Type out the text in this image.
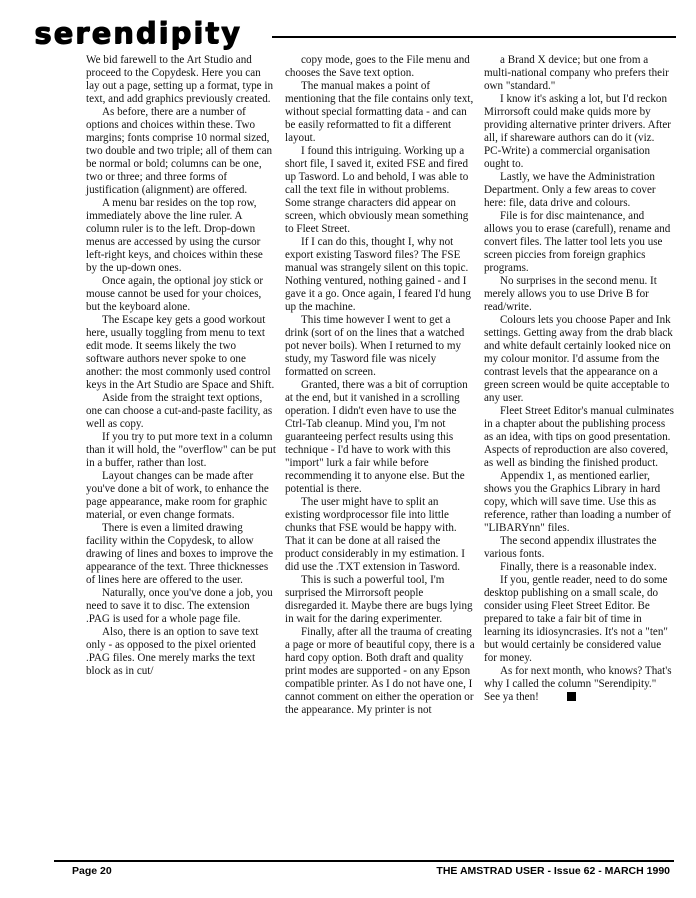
serendipity

We bid farewell to the Art Studio and proceed to the Copydesk. Here you can lay out a page, setting up a format, type in text, and add graphics previously created.

As before, there are a number of options and choices within these. Two margins; fonts comprise 10 normal sized, two double and two triple; all of them can be normal or bold; columns can be one, two or three; and three forms of justification (alignment) are offered.

A menu bar resides on the top row, immediately above the line ruler. A column ruler is to the left. Drop-down menus are accessed by using the cursor left-right keys, and choices within these by the up-down ones.

Once again, the optional joy stick or mouse cannot be used for your choices, but the keyboard alone.

The Escape key gets a good workout here, usually toggling from menu to text edit mode. It seems likely the two software authors never spoke to one another: the most commonly used control keys in the Art Studio are Space and Shift.

Aside from the straight text options, one can choose a cut-and-paste facility, as well as copy.

If you try to put more text in a column than it will hold, the "overflow" can be put in a buffer, rather than lost.

Layout changes can be made after you've done a bit of work, to enhance the page appearance, make room for graphic material, or even change formats.

There is even a limited drawing facility within the Copydesk, to allow drawing of lines and boxes to improve the appearance of the text. Three thicknesses of lines here are offered to the user.

Naturally, once you've done a job, you need to save it to disc. The extension .PAG is used for a whole page file.

Also, there is an option to save text only - as opposed to the pixel oriented .PAG files. One merely marks the text block as in cut/

copy mode, goes to the File menu and chooses the Save text option.

The manual makes a point of mentioning that the file contains only text, without special formatting data - and can be easily reformatted to fit a different layout.

I found this intriguing. Working up a short file, I saved it, exited FSE and fired up Tasword. Lo and behold, I was able to call the text file in without problems. Some strange characters did appear on screen, which obviously mean something to Fleet Street.

If I can do this, thought I, why not export existing Tasword files? The FSE manual was strangely silent on this topic. Nothing ventured, nothing gained - and I gave it a go. Once again, I feared I'd hung up the machine.

This time however I went to get a drink (sort of on the lines that a watched pot never boils). When I returned to my study, my Tasword file was nicely formatted on screen.

Granted, there was a bit of corruption at the end, but it vanished in a scrolling operation. I didn't even have to use the Ctrl-Tab cleanup. Mind you, I'm not guaranteeing perfect results using this technique - I'd have to work with this "import" lurk a fair while before recommending it to anyone else. But the potential is there.

The user might have to split an existing wordprocessor file into little chunks that FSE would be happy with. That it can be done at all raised the product considerably in my estimation. I did use the .TXT extension in Tasword.

This is such a powerful tool, I'm surprised the Mirrorsoft people disregarded it. Maybe there are bugs lying in wait for the daring experimenter.

Finally, after all the trauma of creating a page or more of beautiful copy, there is a hard copy option. Both draft and quality print modes are supported - on any Epson compatible printer. As I do not have one, I cannot comment on either the operation or the appearance. My printer is not

a Brand X device; but one from a multi-national company who prefers their own "standard."

I know it's asking a lot, but I'd reckon Mirrorsoft could make quids more by providing alternative printer drivers. After all, if shareware authors can do it (viz. PC-Write) a commercial organisation ought to.

Lastly, we have the Administration Department. Only a few areas to cover here: file, data drive and colours.

File is for disc maintenance, and allows you to erase (carefull), rename and convert files. The latter tool lets you use screen piccies from foreign graphics programs.

No surprises in the second menu. It merely allows you to use Drive B for read/write.

Colours lets you choose Paper and Ink settings. Getting away from the drab black and white default certainly looked nice on my colour monitor. I'd assume from the contrast levels that the appearance on a green screen would be quite acceptable to any user.

Fleet Street Editor's manual culminates in a chapter about the publishing process as an idea, with tips on good presentation. Aspects of reproduction are also covered, as well as binding the finished product.

Appendix 1, as mentioned earlier, shows you the Graphics Library in hard copy, which will save time. Use this as reference, rather than loading a number of "LIBARYnn" files.

The second appendix illustrates the various fonts.

Finally, there is a reasonable index.

If you, gentle reader, need to do some desktop publishing on a small scale, do consider using Fleet Street Editor. Be prepared to take a fair bit of time in learning its idiosyncrasies. It's not a "ten" but would certainly be considered value for money.

As for next month, who knows? That's why I called the column "Serendipity." See ya then!

Page 20	THE AMSTRAD USER - Issue 62 - MARCH 1990
